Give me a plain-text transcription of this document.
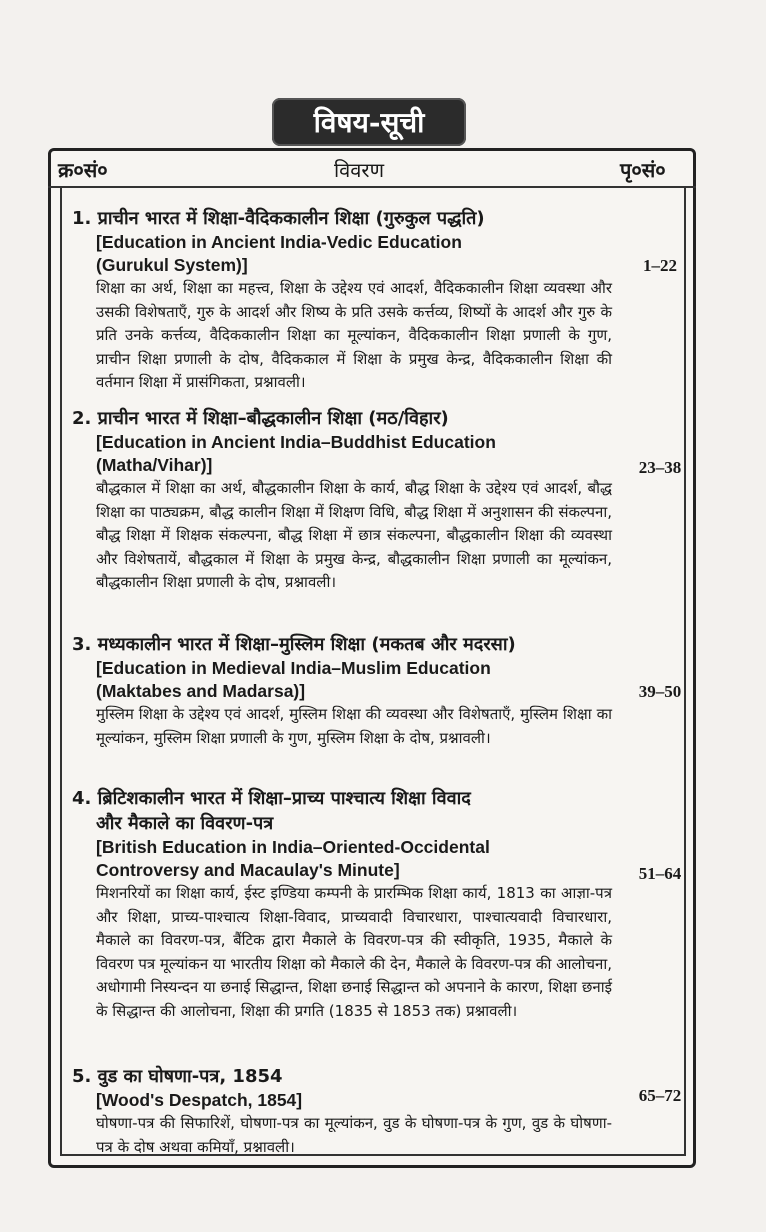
विषय-सूची
क्र०सं०	विवरण	पृ०सं०
1. प्राचीन भारत में शिक्षा-वैदिककालीन शिक्षा (गुरुकुल पद्धति)
[Education in Ancient India-Vedic Education
(Gurukul System)]
शिक्षा का अर्थ, शिक्षा का महत्त्व, शिक्षा के उद्देश्य एवं आदर्श, वैदिककालीन शिक्षा व्यवस्था और उसकी विशेषताएँ, गुरु के आदर्श और शिष्य के प्रति उसके कर्त्तव्य, शिष्यों के आदर्श और गुरु के प्रति उनके कर्त्तव्य, वैदिककालीन शिक्षा का मूल्यांकन, वैदिककालीन शिक्षा प्रणाली के गुण, प्राचीन शिक्षा प्रणाली के दोष, वैदिककाल में शिक्षा के प्रमुख केन्द्र, वैदिककालीन शिक्षा की वर्तमान शिक्षा में प्रासंगिकता, प्रश्नावली।
1–22
2. प्राचीन भारत में शिक्षा–बौद्धकालीन शिक्षा (मठ/विहार)
[Education in Ancient India–Buddhist Education
(Matha/Vihar)]
बौद्धकाल में शिक्षा का अर्थ, बौद्धकालीन शिक्षा के कार्य, बौद्ध शिक्षा के उद्देश्य एवं आदर्श, बौद्ध शिक्षा का पाठ्यक्रम, बौद्ध कालीन शिक्षा में शिक्षण विधि, बौद्ध शिक्षा में अनुशासन की संकल्पना, बौद्ध शिक्षा में शिक्षक संकल्पना, बौद्ध शिक्षा में छात्र संकल्पना, बौद्धकालीन शिक्षा की व्यवस्था और विशेषतायें, बौद्धकाल में शिक्षा के प्रमुख केन्द्र, बौद्धकालीन शिक्षा प्रणाली का मूल्यांकन, बौद्धकालीन शिक्षा प्रणाली के दोष, प्रश्नावली।
23–38
3. मध्यकालीन भारत में शिक्षा–मुस्लिम शिक्षा (मकतब और मदरसा)
[Education in Medieval India–Muslim Education
(Maktabes and Madarsa)]
मुस्लिम शिक्षा के उद्देश्य एवं आदर्श, मुस्लिम शिक्षा की व्यवस्था और विशेषताएँ, मुस्लिम शिक्षा का मूल्यांकन, मुस्लिम शिक्षा प्रणाली के गुण, मुस्लिम शिक्षा के दोष, प्रश्नावली।
39–50
4. ब्रिटिशकालीन भारत में शिक्षा–प्राच्य पाश्चात्य शिक्षा विवाद
और मैकाले का विवरण-पत्र
[British Education in India–Oriented-Occidental
Controversy and Macaulay's Minute]
मिशनरियों का शिक्षा कार्य, ईस्ट इण्डिया कम्पनी के प्रारम्भिक शिक्षा कार्य, 1813 का आज्ञा-पत्र और शिक्षा, प्राच्य-पाश्चात्य शिक्षा-विवाद, प्राच्यवादी विचारधारा, पाश्चात्यवादी विचारधारा, मैकाले का विवरण-पत्र, बैंटिक द्वारा मैकाले के विवरण-पत्र की स्वीकृति, 1935, मैकाले के विवरण पत्र मूल्यांकन या भारतीय शिक्षा को मैकाले की देन, मैकाले के विवरण-पत्र की आलोचना, अधोगामी निस्यन्दन या छनाई सिद्धान्त, शिक्षा छनाई सिद्धान्त को अपनाने के कारण, शिक्षा छनाई के सिद्धान्त की आलोचना, शिक्षा की प्रगति (1835 से 1853 तक) प्रश्नावली।
51–64
5. वुड का घोषणा-पत्र, 1854
[Wood's Despatch, 1854]
घोषणा-पत्र की सिफारिशें, घोषणा-पत्र का मूल्यांकन, वुड के घोषणा-पत्र के गुण, वुड के घोषणा-पत्र के दोष अथवा कमियाँ, प्रश्नावली।
65–72
